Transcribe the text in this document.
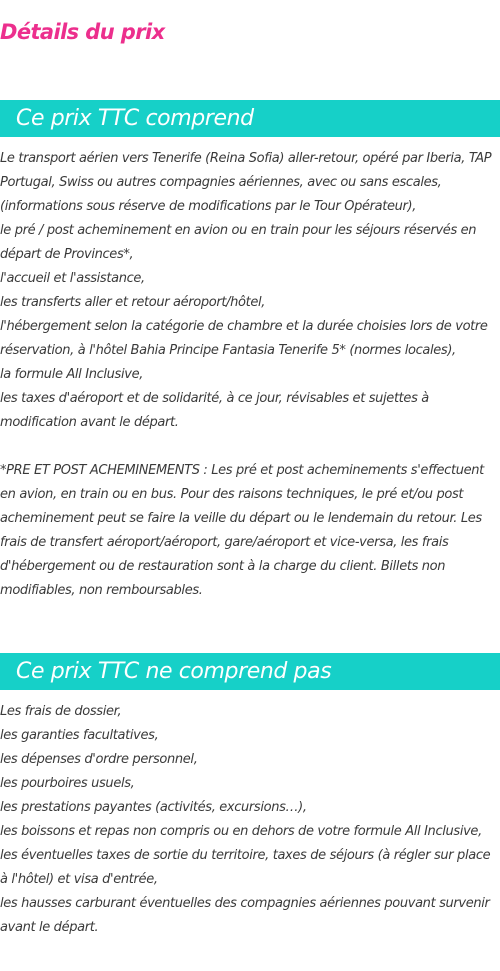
Détails du prix
Ce prix TTC comprend

Le transport aérien vers Tenerife (Reina Sofia) aller-retour, opéré par Iberia, TAP Portugal, Swiss ou autres compagnies aériennes, avec ou sans escales, (informations sous réserve de modifications par le Tour Opérateur),

le pré / post acheminement en avion ou en train pour les séjours réservés en départ de Provinces*,

l'accueil et l'assistance,

les transferts aller et retour aéroport/hôtel,

l'hébergement selon la catégorie de chambre et la durée choisies lors de votre réservation, à l'hôtel Bahia Principe Fantasia Tenerife 5* (normes locales),

la formule All Inclusive,

les taxes d'aéroport et de solidarité, à ce jour, révisables et sujettes à modification avant le départ.

*PRE ET POST ACHEMINEMENTS : Les pré et post acheminements s'effectuent en avion, en train ou en bus. Pour des raisons techniques, le pré et/ou post acheminement peut se faire la veille du départ ou le lendemain du retour. Les frais de transfert aéroport/aéroport, gare/aéroport et vice-versa, les frais d'hébergement ou de restauration sont à la charge du client. Billets non modifiables, non remboursables.

Ce prix TTC ne comprend pas

Les frais de dossier,

les garanties facultatives,

les dépenses d'ordre personnel,

les pourboires usuels,

les prestations payantes (activités, excursions…),

les boissons et repas non compris ou en dehors de votre formule All Inclusive,

les éventuelles taxes de sortie du territoire, taxes de séjours (à régler sur place à l'hôtel) et visa d'entrée,

les hausses carburant éventuelles des compagnies aériennes pouvant survenir avant le départ.
